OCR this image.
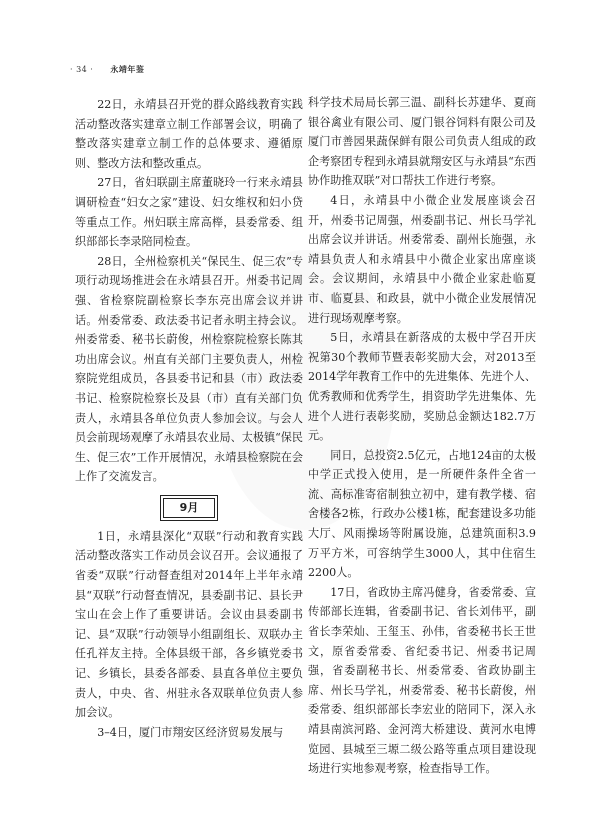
· 34 · 永靖年鉴

22日，永靖县召开党的群众路线教育实践活动整改落实建章立制工作部署会议，明确了整改落实建章立制工作的总体要求、遵循原则、整改方法和整改重点。

27日，省妇联副主席董晓玲一行来永靖县调研检查“妇女之家”建设、妇女维权和妇小贷等重点工作。州妇联主席高榉，县委常委、组织部部长李录陪同检查。

28日，全州检察机关“保民生、促三农”专项行动现场推进会在永靖县召开。州委书记周强、省检察院副检察长李东亮出席会议并讲话。州委常委、政法委书记者永明主持会议。州委常委、秘书长蔚俊，州检察院检察长陈其功出席会议。州直有关部门主要负责人，州检察院党组成员，各县委书记和县（市）政法委书记、检察院检察长及县（市）直有关部门负责人，永靖县各单位负责人参加会议。与会人员会前现场观摩了永靖县农业局、太极镇“保民生、促三农”工作开展情况，永靖县检察院在会上作了交流发言。

9月

1日，永靖县深化“双联”行动和教育实践活动整改落实工作动员会议召开。会议通报了省委“双联”行动督查组对2014年上半年永靖县“双联”行动督查情况，县委副书记、县长尹宝山在会上作了重要讲话。会议由县委副书记、县“双联”行动领导小组副组长、双联办主任孔祥友主持。全体县级干部，各乡镇党委书记、乡镇长，县委各部委、县直各单位主要负责人，中央、省、州驻永各双联单位负责人参加会议。

3–4日，厦门市翔安区经济贸易发展与

科学技术局局长郭三温、副科长苏建华、夏商银谷禽业有限公司、厦门银谷饲料有限公司及厦门市善园果蔬保鲜有限公司负责人组成的政企考察团专程到永靖县就翔安区与永靖县“东西协作助推双联”对口帮扶工作进行考察。

4日，永靖县中小微企业发展座谈会召开，州委书记周强，州委副书记、州长马学礼出席会议并讲话。州委常委、副州长施强，永靖县负责人和永靖县中小微企业家出席座谈会。会议期间，永靖县中小微企业家赴临夏市、临夏县、和政县，就中小微企业发展情况进行现场观摩考察。

5日，永靖县在新落成的太极中学召开庆祝第30个教师节暨表彰奖励大会，对2013至2014学年教育工作中的先进集体、先进个人、优秀教师和优秀学生，捐资助学先进集体、先进个人进行表彰奖励，奖励总金额达182.7万元。

同日，总投资2.5亿元，占地124亩的太极中学正式投入使用，是一所硬件条件全省一流、高标准寄宿制独立初中，建有教学楼、宿舍楼各2栋，行政办公楼1栋，配套建设多功能大厅、风雨操场等附属设施，总建筑面积3.9万平方米，可容纳学生3000人，其中住宿生2200人。

17日，省政协主席冯健身，省委常委、宣传部部长连辑，省委副书记、省长刘伟平，副省长李荣灿、王玺玉、孙伟，省委秘书长王世文，原省委常委、省纪委书记、州委书记周强，省委副秘书长、州委常委、省政协副主席、州长马学礼，州委常委、秘书长蔚俊，州委常委、组织部部长李宏业的陪同下，深入永靖县南滨河路、金河湾大桥建设、黄河水电博览园、县城至三塬二级公路等重点项目建设现场进行实地参观考察，检查指导工作。
